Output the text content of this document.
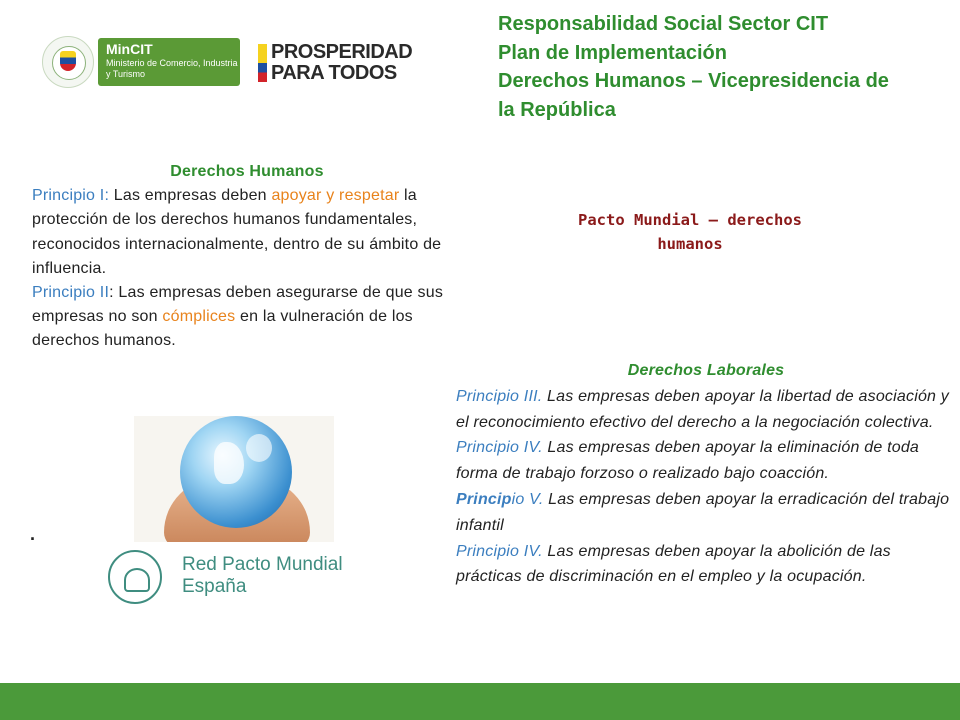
Responsabilidad Social Sector CIT
Plan de Implementación
Derechos Humanos – Vicepresidencia de
la República
MinCIT
Ministerio de Comercio, Industria y Turismo
PROSPERIDAD
PARA TODOS
Derechos Humanos
Principio I: Las empresas deben apoyar y respetar la protección de los derechos humanos fundamentales, reconocidos internacionalmente, dentro de su ámbito de influencia.
Principio II: Las empresas deben asegurarse de que sus empresas no son cómplices en la vulneración de los derechos humanos.
Pacto Mundial – derechos
humanos
Derechos Laborales
Principio III. Las empresas deben apoyar la libertad de asociación y el reconocimiento efectivo del derecho a la negociación colectiva.
Principio IV. Las empresas deben apoyar la eliminación de toda forma de trabajo forzoso o realizado bajo coacción.
Principio V. Las empresas deben apoyar la erradicación del trabajo infantil
Principio IV. Las empresas deben apoyar la abolición de las prácticas de discriminación en el empleo y la ocupación.
.
Red Pacto Mundial
España
